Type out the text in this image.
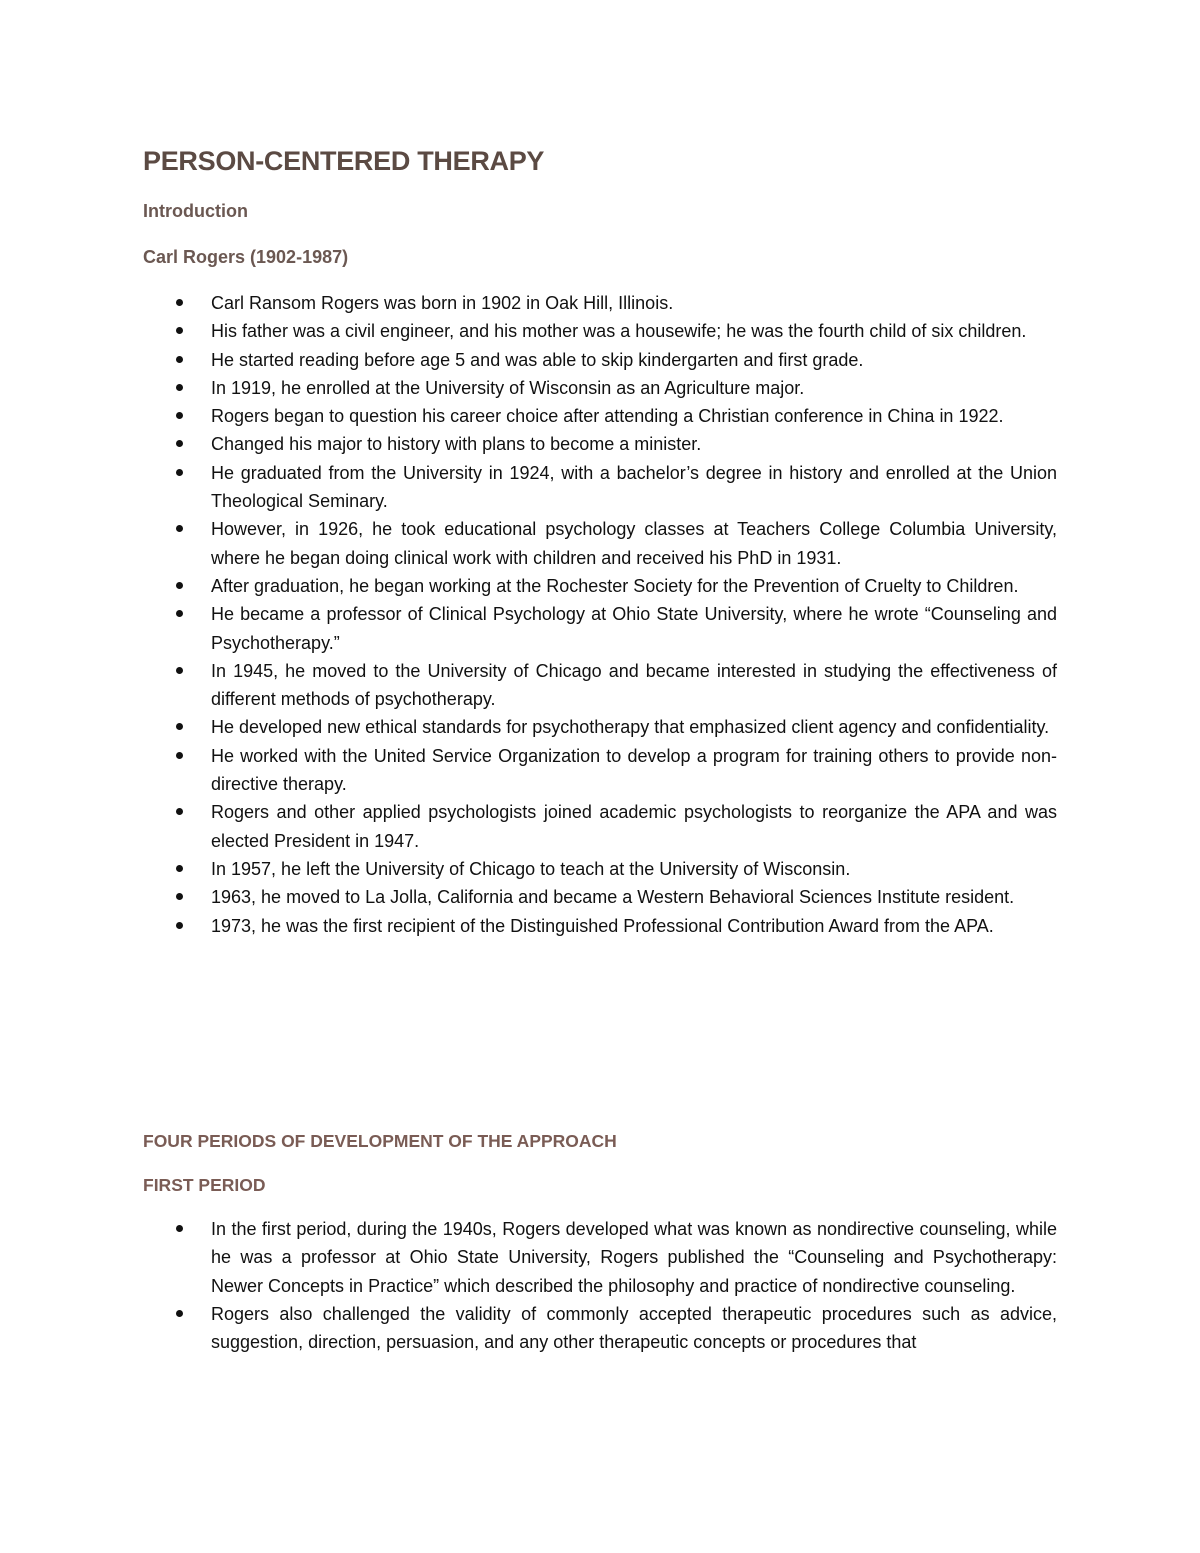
PERSON-CENTERED THERAPY
Introduction
Carl Rogers (1902-1987)
Carl Ransom Rogers was born in 1902 in Oak Hill, Illinois.
His father was a civil engineer, and his mother was a housewife; he was the fourth child of six children.
He started reading before age 5 and was able to skip kindergarten and first grade.
In 1919, he enrolled at the University of Wisconsin as an Agriculture major.
Rogers began to question his career choice after attending a Christian conference in China in 1922.
Changed his major to history with plans to become a minister.
He graduated from the University in 1924, with a bachelor’s degree in history and enrolled at the Union Theological Seminary.
However, in 1926, he took educational psychology classes at Teachers College Columbia University, where he began doing clinical work with children and received his PhD in 1931.
After graduation, he began working at the Rochester Society for the Prevention of Cruelty to Children.
He became a professor of Clinical Psychology at Ohio State University, where he wrote “Counseling and Psychotherapy.”
In 1945, he moved to the University of Chicago and became interested in studying the effectiveness of different methods of psychotherapy.
He developed new ethical standards for psychotherapy that emphasized client agency and confidentiality.
He worked with the United Service Organization to develop a program for training others to provide non-directive therapy.
Rogers and other applied psychologists joined academic psychologists to reorganize the APA and was elected President in 1947.
In 1957, he left the University of Chicago to teach at the University of Wisconsin.
1963, he moved to La Jolla, California and became a Western Behavioral Sciences Institute resident.
1973, he was the first recipient of the Distinguished Professional Contribution Award from the APA.
FOUR PERIODS OF DEVELOPMENT OF THE APPROACH
FIRST PERIOD
In the first period, during the 1940s, Rogers developed what was known as nondirective counseling, while he was a professor at Ohio State University, Rogers published the “Counseling and Psychotherapy: Newer Concepts in Practice” which described the philosophy and practice of nondirective counseling.
Rogers also challenged the validity of commonly accepted therapeutic procedures such as advice, suggestion, direction, persuasion, and any other therapeutic concepts or procedures that
